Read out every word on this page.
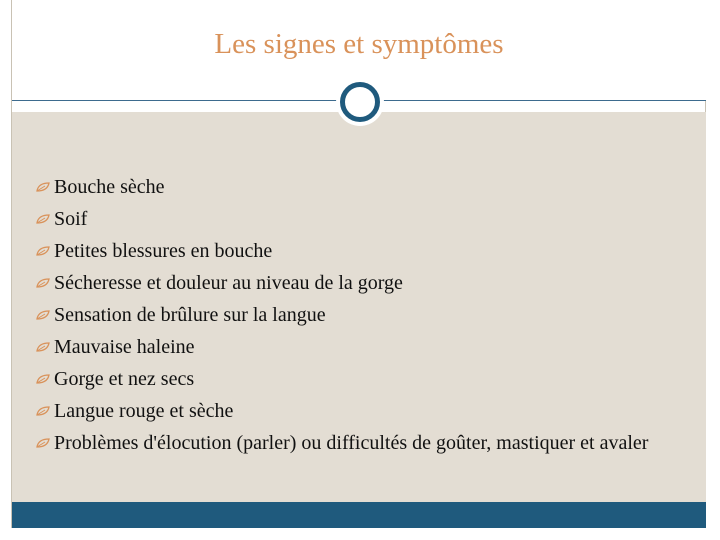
Les signes et symptômes
Bouche sèche
Soif
Petites blessures en bouche
Sécheresse et douleur au niveau de la gorge
Sensation de brûlure sur la langue
Mauvaise haleine
Gorge et nez secs
Langue rouge et sèche
Problèmes d'élocution (parler) ou difficultés de goûter, mastiquer et avaler
